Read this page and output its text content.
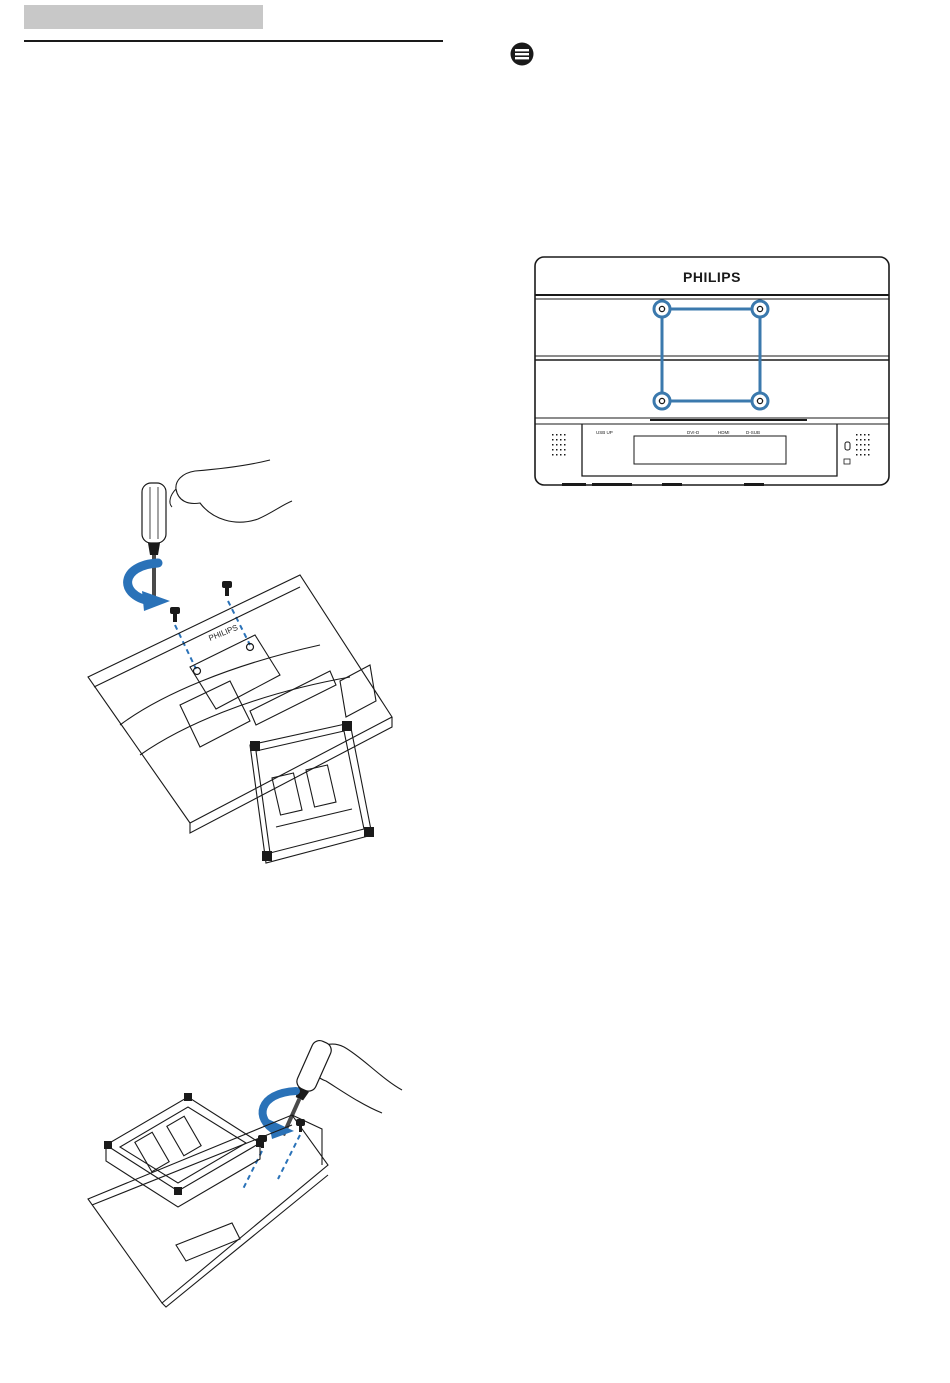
PHILIPS
USB UP	DVI-D	HDMI	D-SUB
PHILIPS
